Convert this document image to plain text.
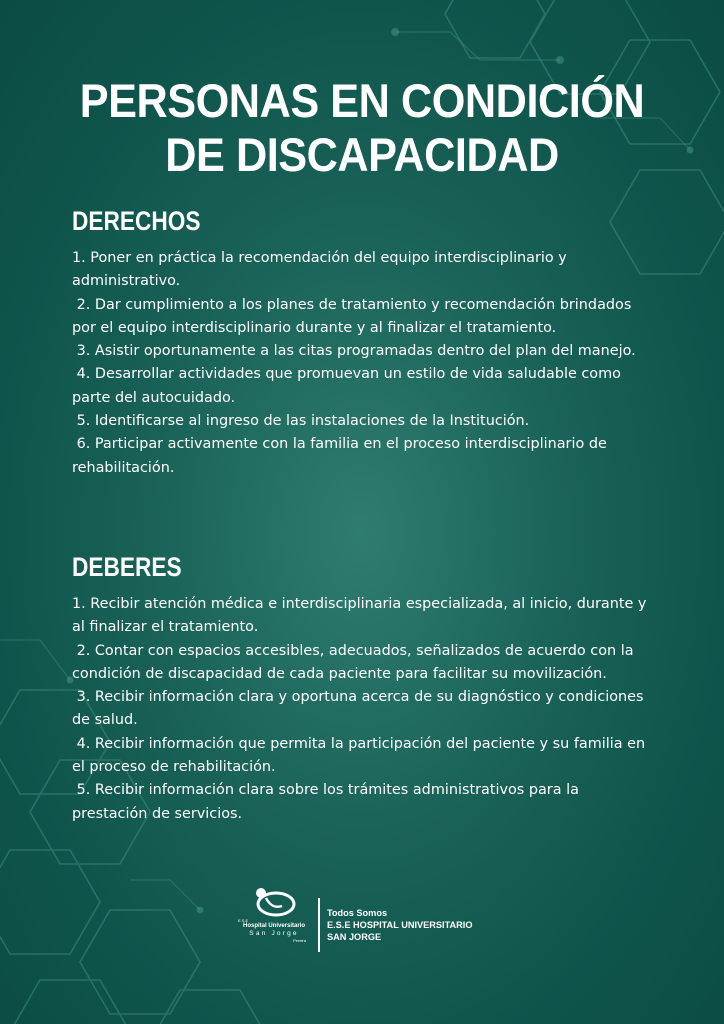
PERSONAS EN CONDICIÓN DE DISCAPACIDAD
DERECHOS
1. Poner en práctica la recomendación del equipo interdisciplinario y administrativo.
2. Dar cumplimiento a los planes de tratamiento y recomendación brindados por el equipo interdisciplinario durante y al finalizar el tratamiento.
3. Asistir oportunamente a las citas programadas dentro del plan del manejo.
4. Desarrollar actividades que promuevan un estilo de vida saludable como parte del autocuidado.
5. Identificarse al ingreso de las instalaciones de la Institución.
6. Participar activamente con la familia en el proceso interdisciplinario de rehabilitación.
DEBERES
1. Recibir atención médica e interdisciplinaria especializada, al inicio, durante y al finalizar el tratamiento.
2. Contar con espacios accesibles, adecuados, señalizados de acuerdo con la condición de discapacidad de cada paciente para facilitar su movilización.
3. Recibir información clara y oportuna acerca de su diagnóstico y condiciones de salud.
4. Recibir información que permita la participación del paciente y su familia en el proceso de rehabilitación.
5. Recibir información clara sobre los trámites administrativos para la prestación de servicios.
E.S.E
Hospital Universitario
San Jorge
Pereira
Todos Somos
E.S.E HOSPITAL UNIVERSITARIO
SAN JORGE
